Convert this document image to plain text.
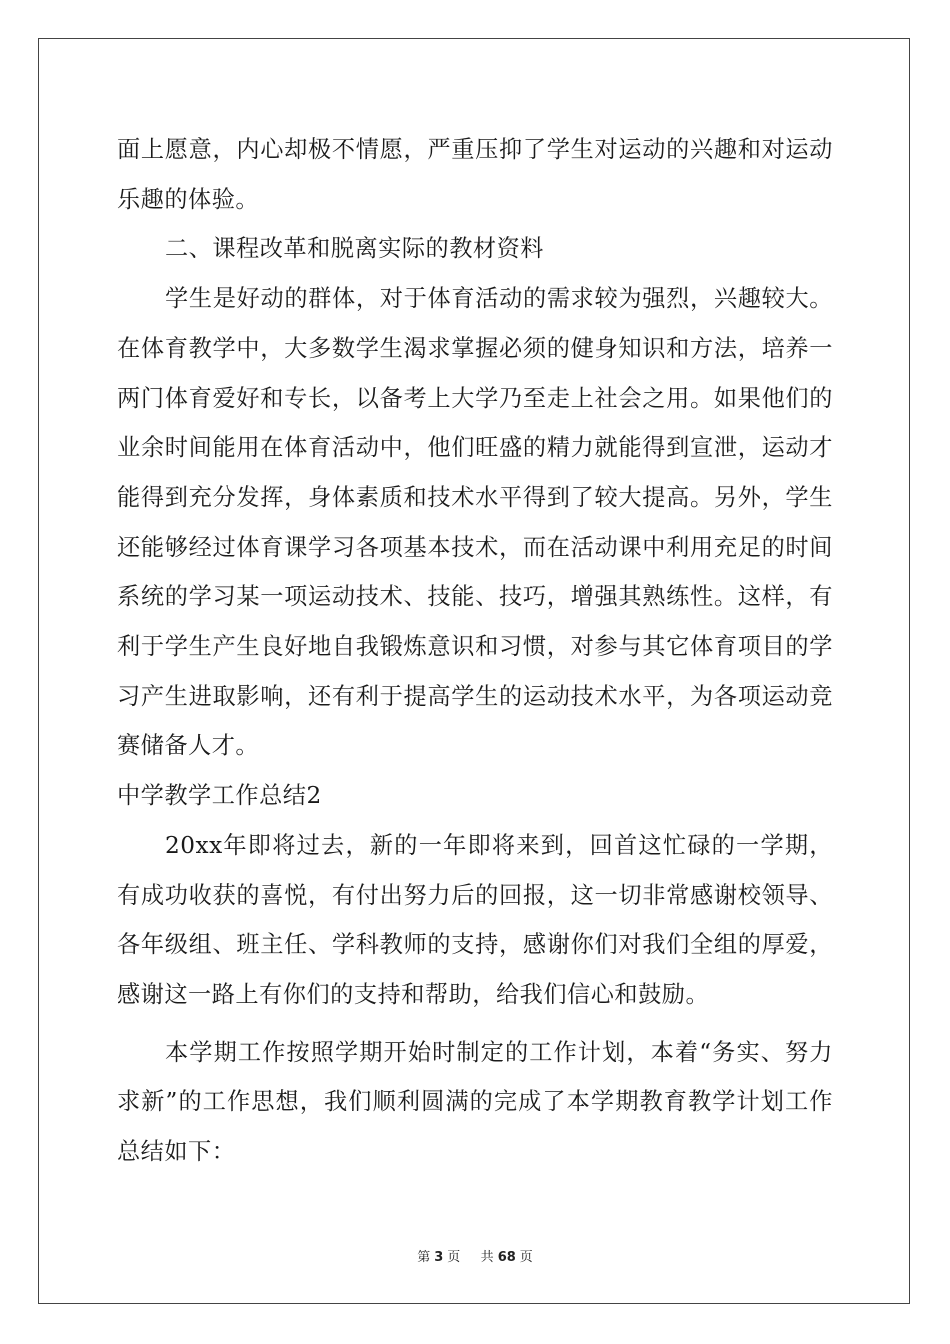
面上愿意，内心却极不情愿，严重压抑了学生对运动的兴趣和对运动乐趣的体验。

二、课程改革和脱离实际的教材资料

学生是好动的群体，对于体育活动的需求较为强烈，兴趣较大。在体育教学中，大多数学生渴求掌握必须的健身知识和方法，培养一两门体育爱好和专长，以备考上大学乃至走上社会之用。如果他们的业余时间能用在体育活动中，他们旺盛的精力就能得到宣泄，运动才能得到充分发挥，身体素质和技术水平得到了较大提高。另外，学生还能够经过体育课学习各项基本技术，而在活动课中利用充足的时间系统的学习某一项运动技术、技能、技巧，增强其熟练性。这样，有利于学生产生良好地自我锻炼意识和习惯，对参与其它体育项目的学习产生进取影响，还有利于提高学生的运动技术水平，为各项运动竞赛储备人才。

中学教学工作总结2

20xx年即将过去，新的一年即将来到，回首这忙碌的一学期，有成功收获的喜悦，有付出努力后的回报，这一切非常感谢校领导、各年级组、班主任、学科教师的支持，感谢你们对我们全组的厚爱，感谢这一路上有你们的支持和帮助，给我们信心和鼓励。

本学期工作按照学期开始时制定的工作计划，本着“务实、努力求新”的工作思想，我们顺利圆满的完成了本学期教育教学计划工作总结如下：

第 3 页 共 68 页
